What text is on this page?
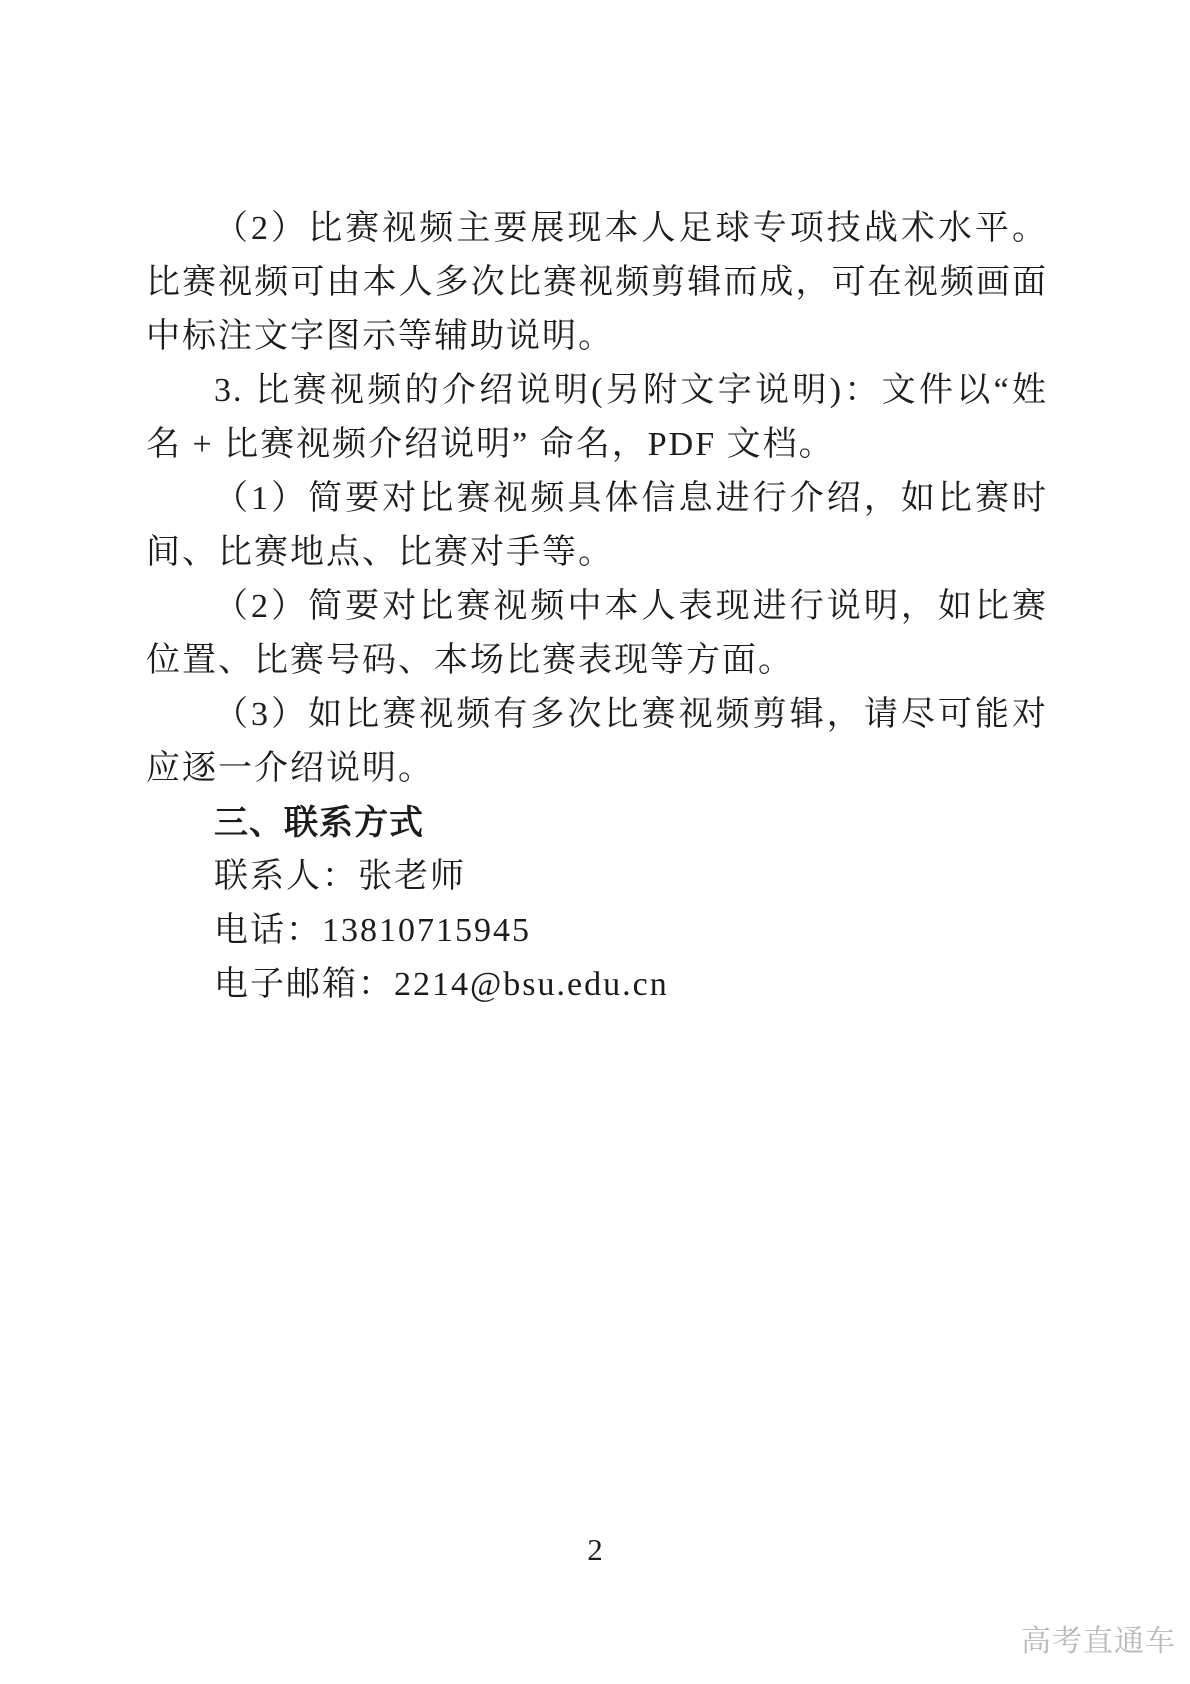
（2）比赛视频主要展现本人足球专项技战术水平。比赛视频可由本人多次比赛视频剪辑而成，可在视频画面中标注文字图示等辅助说明。

3. 比赛视频的介绍说明(另附文字说明)：文件以“姓名 + 比赛视频介绍说明” 命名，PDF 文档。

（1）简要对比赛视频具体信息进行介绍，如比赛时间、比赛地点、比赛对手等。

（2）简要对比赛视频中本人表现进行说明，如比赛位置、比赛号码、本场比赛表现等方面。

（3）如比赛视频有多次比赛视频剪辑，请尽可能对应逐一介绍说明。

三、联系方式

联系人：张老师

电话：13810715945

电子邮箱：2214@bsu.edu.cn

2
高考直通车
